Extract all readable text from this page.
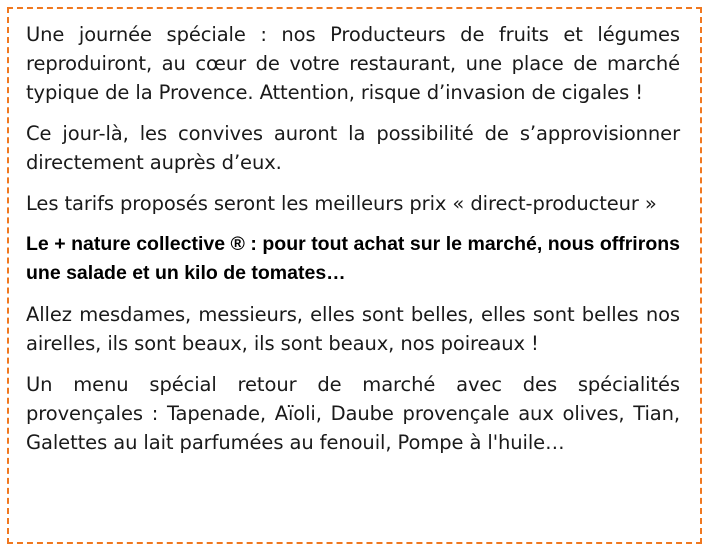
Une journée spéciale : nos Producteurs de fruits et légumes reproduiront, au cœur de votre restaurant, une place de marché typique de la Provence. Attention, risque d’invasion de cigales !

Ce jour-là, les convives auront la possibilité de s’approvisionner directement auprès d’eux.

Les tarifs proposés seront les meilleurs prix « direct-producteur »

Le + nature collective ® : pour tout achat sur le marché, nous offrirons une salade et un kilo de tomates…

Allez mesdames, messieurs, elles sont belles, elles sont belles nos airelles, ils sont beaux, ils sont beaux, nos poireaux !

Un menu spécial retour de marché avec des spécialités provençales : Tapenade, Aïoli, Daube provençale aux olives, Tian, Galettes au lait parfumées au fenouil, Pompe à l'huile…
